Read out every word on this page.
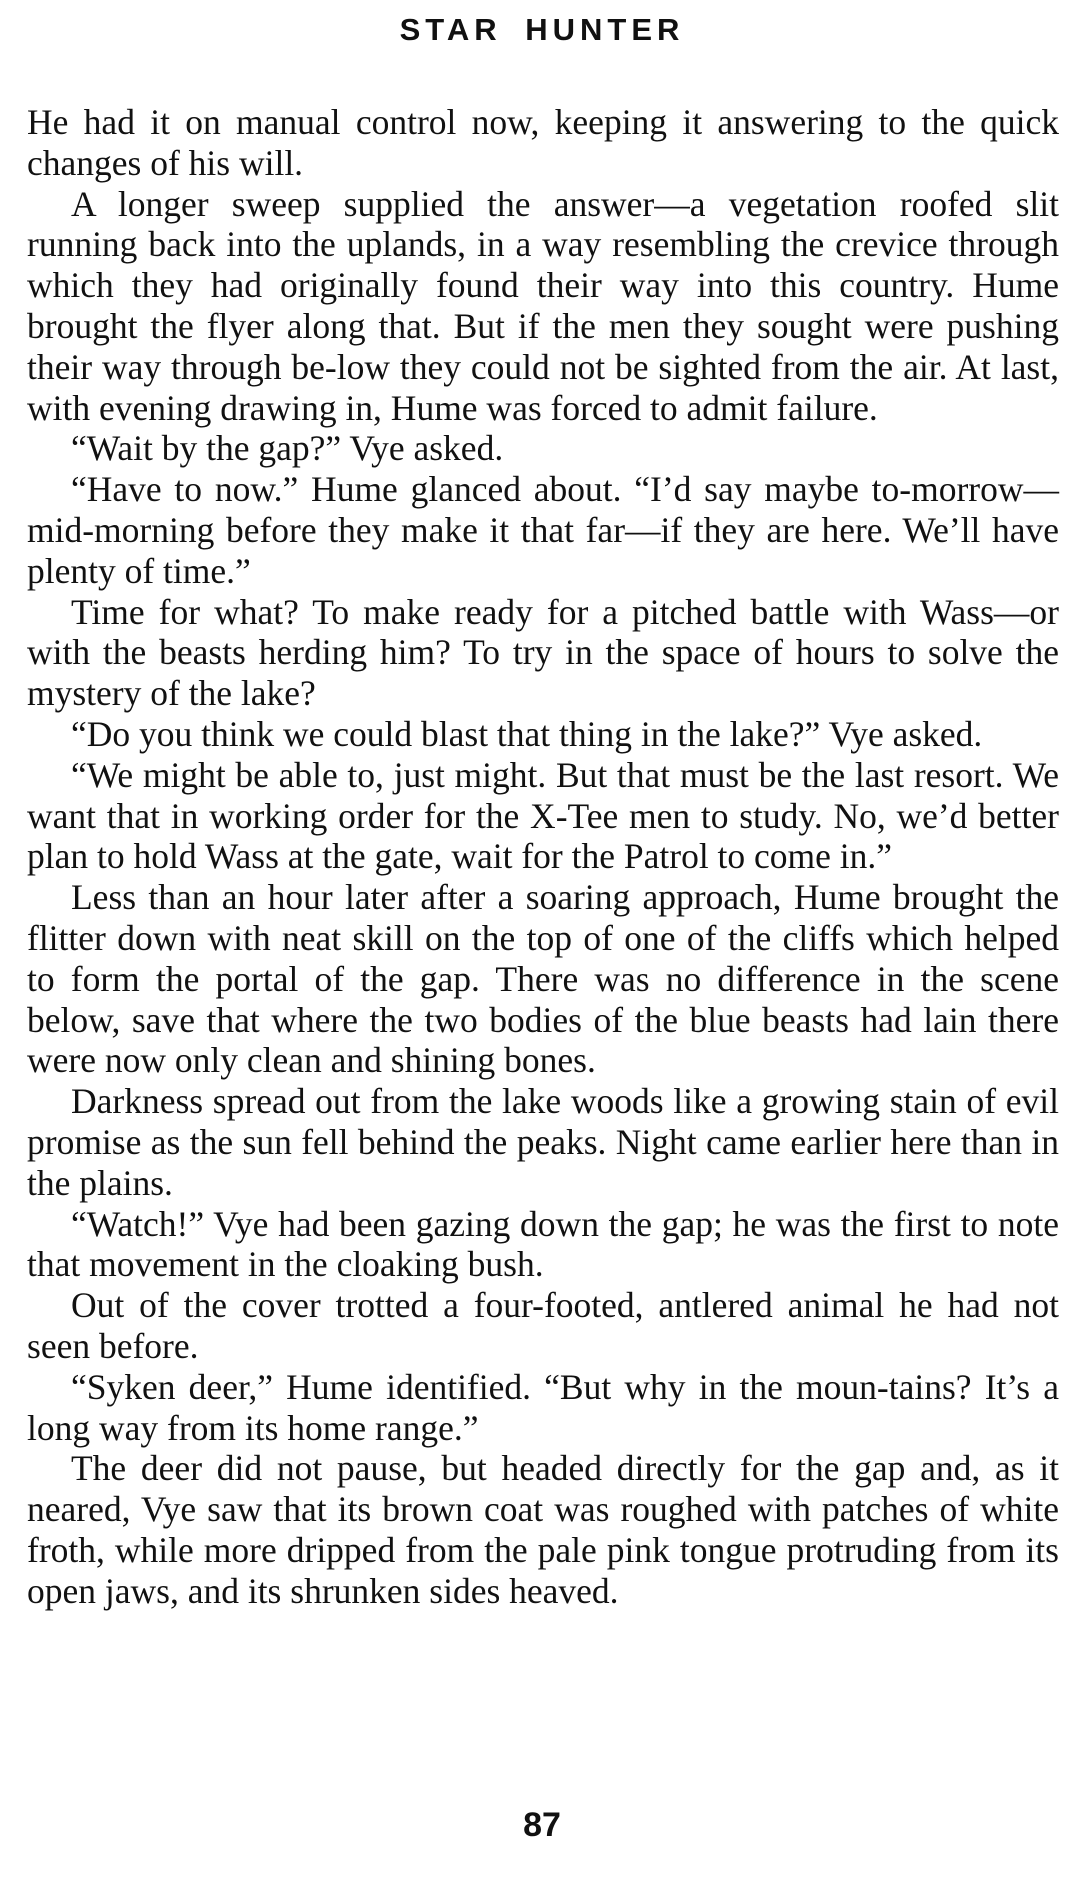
STAR HUNTER

He had it on manual control now, keeping it answering to the quick changes of his will.

A longer sweep supplied the answer—a vegetation roofed slit running back into the uplands, in a way resembling the crevice through which they had originally found their way into this country. Hume brought the flyer along that. But if the men they sought were pushing their way through be-low they could not be sighted from the air. At last, with evening drawing in, Hume was forced to admit failure.

“Wait by the gap?” Vye asked.

“Have to now.” Hume glanced about. “I’d say maybe to-morrow—mid-morning before they make it that far—if they are here. We’ll have plenty of time.”

Time for what? To make ready for a pitched battle with Wass—or with the beasts herding him? To try in the space of hours to solve the mystery of the lake?

“Do you think we could blast that thing in the lake?” Vye asked.

“We might be able to, just might. But that must be the last resort. We want that in working order for the X-Tee men to study. No, we’d better plan to hold Wass at the gate, wait for the Patrol to come in.”

Less than an hour later after a soaring approach, Hume brought the flitter down with neat skill on the top of one of the cliffs which helped to form the portal of the gap. There was no difference in the scene below, save that where the two bodies of the blue beasts had lain there were now only clean and shining bones.

Darkness spread out from the lake woods like a growing stain of evil promise as the sun fell behind the peaks. Night came earlier here than in the plains.

“Watch!” Vye had been gazing down the gap; he was the first to note that movement in the cloaking bush.

Out of the cover trotted a four-footed, antlered animal he had not seen before.

“Syken deer,” Hume identified. “But why in the moun-tains? It’s a long way from its home range.”

The deer did not pause, but headed directly for the gap and, as it neared, Vye saw that its brown coat was roughed with patches of white froth, while more dripped from the pale pink tongue protruding from its open jaws, and its shrunken sides heaved.

87
